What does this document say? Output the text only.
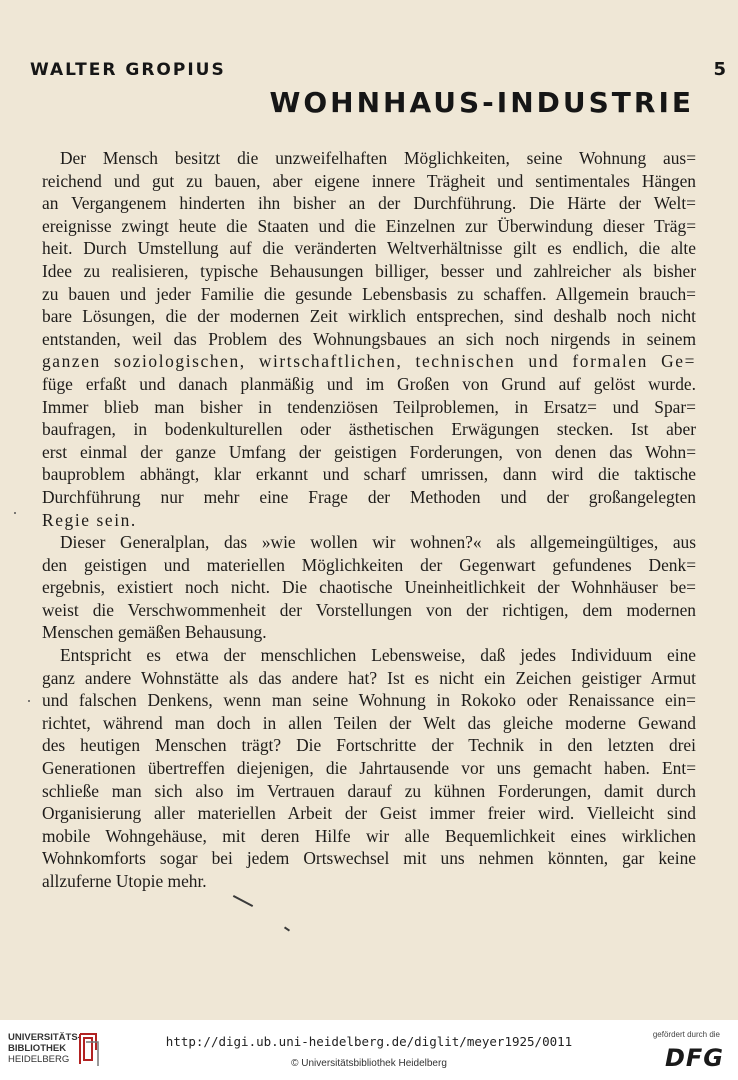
WALTER GROPIUS	5
WOHNHAUS-INDUSTRIE
Der Mensch besitzt die unzweifelhaften Möglichkeiten, seine Wohnung aus=
reichend und gut zu bauen, aber eigene innere Trägheit und sentimentales Hängen
an Vergangenem hinderten ihn bisher an der Durchführung. Die Härte der Welt=
ereignisse zwingt heute die Staaten und die Einzelnen zur Überwindung dieser Träg=
heit. Durch Umstellung auf die veränderten Weltverhältnisse gilt es endlich, die alte
Idee zu realisieren, typische Behausungen billiger, besser und zahlreicher als bisher
zu bauen und jeder Familie die gesunde Lebensbasis zu schaffen. Allgemein brauch=
bare Lösungen, die der modernen Zeit wirklich entsprechen, sind deshalb noch nicht
entstanden, weil das Problem des Wohnungsbaues an sich noch nirgends in seinem
ganzen soziologischen, wirtschaftlichen, technischen und formalen Ge=
füge erfaßt und danach planmäßig und im Großen von Grund auf gelöst wurde.
Immer blieb man bisher in tendenziösen Teilproblemen, in Ersatz= und Spar=
baufragen, in bodenkulturellen oder ästhetischen Erwägungen stecken. Ist aber
erst einmal der ganze Umfang der geistigen Forderungen, von denen das Wohn=
bauproblem abhängt, klar erkannt und scharf umrissen, dann wird die taktische
Durchführung nur mehr eine Frage der Methoden und der großangelegten
Regie sein.
Dieser Generalplan, das »wie wollen wir wohnen?« als allgemeingültiges, aus
den geistigen und materiellen Möglichkeiten der Gegenwart gefundenes Denk=
ergebnis, existiert noch nicht. Die chaotische Uneinheitlichkeit der Wohnhäuser be=
weist die Verschwommenheit der Vorstellungen von der richtigen, dem modernen
Menschen gemäßen Behausung.
Entspricht es etwa der menschlichen Lebensweise, daß jedes Individuum eine
ganz andere Wohnstätte als das andere hat? Ist es nicht ein Zeichen geistiger Armut
und falschen Denkens, wenn man seine Wohnung in Rokoko oder Renaissance ein=
richtet, während man doch in allen Teilen der Welt das gleiche moderne Gewand
des heutigen Menschen trägt? Die Fortschritte der Technik in den letzten drei
Generationen übertreffen diejenigen, die Jahrtausende vor uns gemacht haben. Ent=
schließe man sich also im Vertrauen darauf zu kühnen Forderungen, damit durch
Organisierung aller materiellen Arbeit der Geist immer freier wird. Vielleicht sind
mobile Wohngehäuse, mit deren Hilfe wir alle Bequemlichkeit eines wirklichen
Wohnkomforts sogar bei jedem Ortswechsel mit uns nehmen könnten, gar keine
allzuferne Utopie mehr.
UNIVERSITÄTS-
BIBLIOTHEK
HEIDELBERG
http://digi.ub.uni-heidelberg.de/diglit/meyer1925/0011
© Universitätsbibliothek Heidelberg
gefördert durch die
DFG
